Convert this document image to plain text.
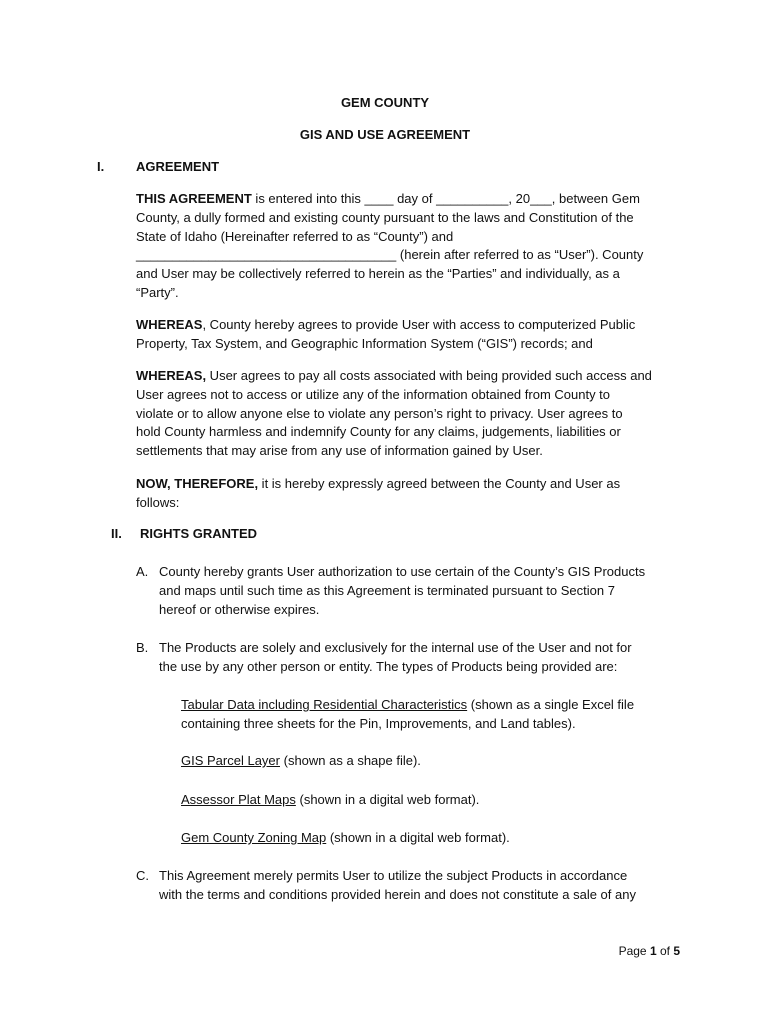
GEM COUNTY
GIS AND USE AGREEMENT
I. AGREEMENT
THIS AGREEMENT is entered into this ____ day of __________, 20___, between Gem
County, a dully formed and existing county pursuant to the laws and Constitution of the
State of Idaho (Hereinafter referred to as “County”) and
____________________________________ (herein after referred to as “User”). County
and User may be collectively referred to herein as the “Parties” and individually, as a
“Party”.
WHEREAS, County hereby agrees to provide User with access to computerized Public
Property, Tax System, and Geographic Information System (“GIS”) records; and
WHEREAS, User agrees to pay all costs associated with being provided such access and
User agrees not to access or utilize any of the information obtained from County to
violate or to allow anyone else to violate any person’s right to privacy. User agrees to
hold County harmless and indemnify County for any claims, judgements, liabilities or
settlements that may arise from any use of information gained by User.
NOW, THEREFORE, it is hereby expressly agreed between the County and User as
follows:
II. RIGHTS GRANTED
A. County hereby grants User authorization to use certain of the County’s GIS Products
and maps until such time as this Agreement is terminated pursuant to Section 7
hereof or otherwise expires.
B. The Products are solely and exclusively for the internal use of the User and not for
the use by any other person or entity. The types of Products being provided are:
Tabular Data including Residential Characteristics (shown as a single Excel file
containing three sheets for the Pin, Improvements, and Land tables).
GIS Parcel Layer (shown as a shape file).
Assessor Plat Maps (shown in a digital web format).
Gem County Zoning Map (shown in a digital web format).
C. This Agreement merely permits User to utilize the subject Products in accordance
with the terms and conditions provided herein and does not constitute a sale of any
Page 1 of 5
